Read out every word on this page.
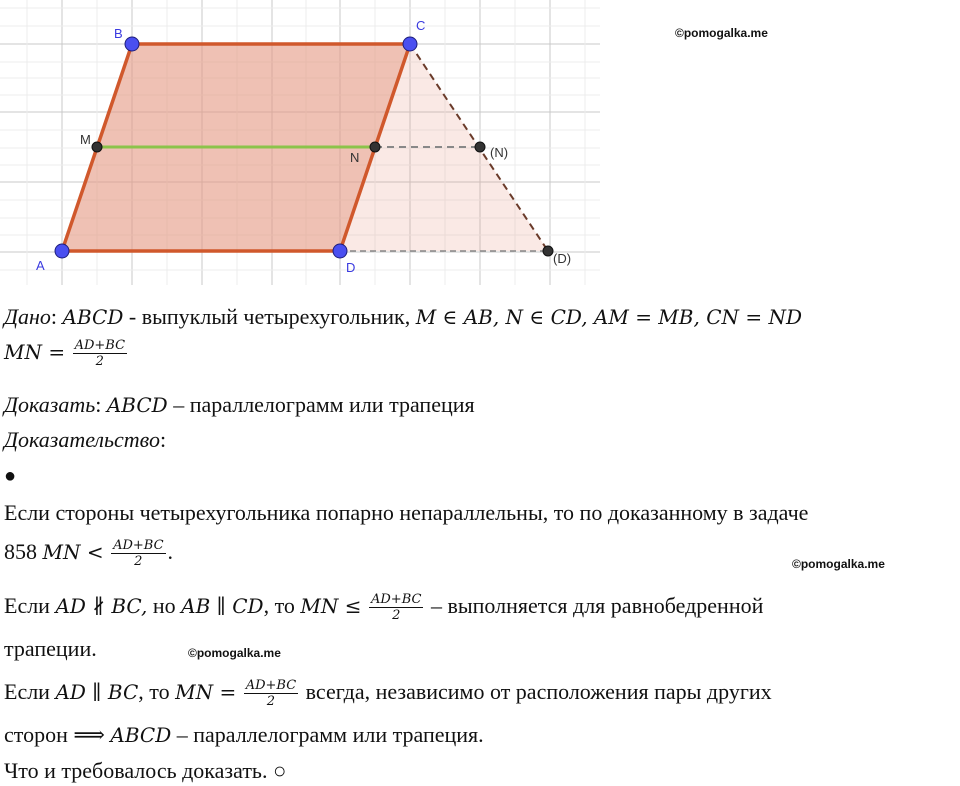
A
B
C
D
M
N	(N)
(D)
©pomogalka.me
©pomogalka.me
©pomogalka.me
Дано: ABCD - выпуклый четырехугольник, M ∈ AB, N ∈ CD, AM = MB, CN = ND
MN = $\frac{AD+BC}{2}$
Доказать: ABCD – параллелограмм или трапеция
Доказательство:
●
Если стороны четырехугольника попарно непараллельны, то по доказанному в задаче
858 MN < $\frac{AD+BC}{2}$ .
Если AD ∦ BC, но AB ∥ CD, то MN ≤ $\frac{AD+BC}{2}$ – выполняется для равнобедренной
трапеции.
Если AD ∥ BC, то MN = $\frac{AD+BC}{2}$ всегда, независимо от расположения пары других
сторон ⟹ ABCD – параллелограмм или трапеция.
Что и требовалось доказать. ○
